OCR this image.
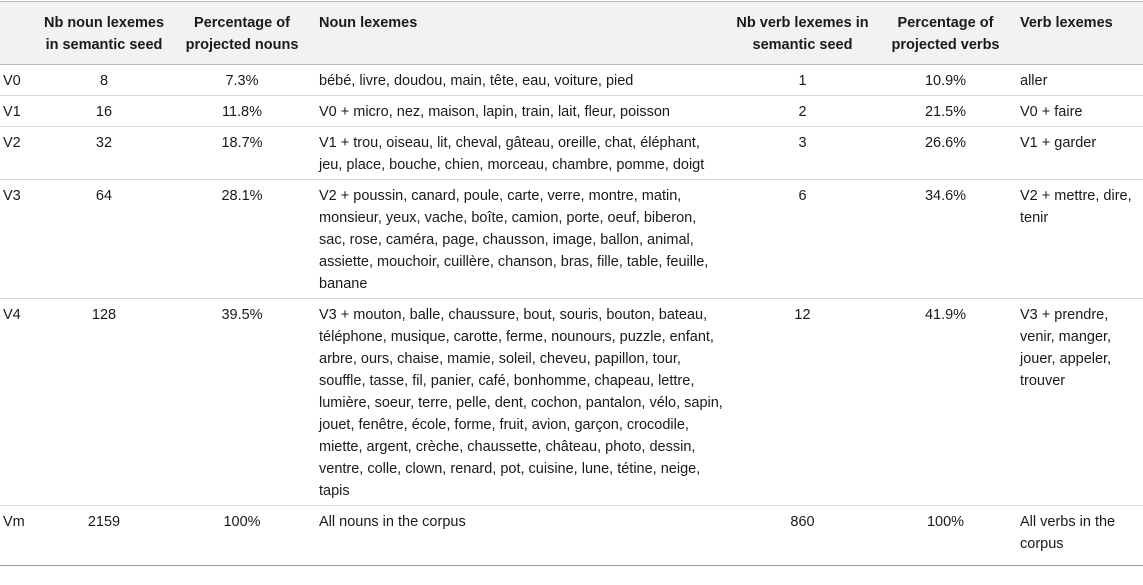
	Nb noun lexemes in semantic seed	Percentage of projected nouns	Noun lexemes	Nb verb lexemes in semantic seed	Percentage of projected verbs	Verb lexemes
V0	8	7.3%	bébé, livre, doudou, main, tête, eau, voiture, pied	1	10.9%	aller
V1	16	11.8%	V0 + micro, nez, maison, lapin, train, lait, fleur, poisson	2	21.5%	V0 + faire
V2	32	18.7%	V1 + trou, oiseau, lit, cheval, gâteau, oreille, chat, éléphant, jeu, place, bouche, chien, morceau, chambre, pomme, doigt	3	26.6%	V1 + garder
V3	64	28.1%	V2 + poussin, canard, poule, carte, verre, montre, matin, monsieur, yeux, vache, boîte, camion, porte, oeuf, biberon, sac, rose, caméra, page, chausson, image, ballon, animal, assiette, mouchoir, cuillère, chanson, bras, fille, table, feuille, banane	6	34.6%	V2 + mettre, dire, tenir
V4	128	39.5%	V3 + mouton, balle, chaussure, bout, souris, bouton, bateau, téléphone, musique, carotte, ferme, nounours, puzzle, enfant, arbre, ours, chaise, mamie, soleil, cheveu, papillon, tour, souffle, tasse, fil, panier, café, bonhomme, chapeau, lettre, lumière, soeur, terre, pelle, dent, cochon, pantalon, vélo, sapin, jouet, fenêtre, école, forme, fruit, avion, garçon, crocodile, miette, argent, crèche, chaussette, château, photo, dessin, ventre, colle, clown, renard, pot, cuisine, lune, tétine, neige, tapis	12	41.9%	V3 + prendre, venir, manger, jouer, appeler, trouver
Vm	2159	100%	All nouns in the corpus	860	100%	All verbs in the corpus
